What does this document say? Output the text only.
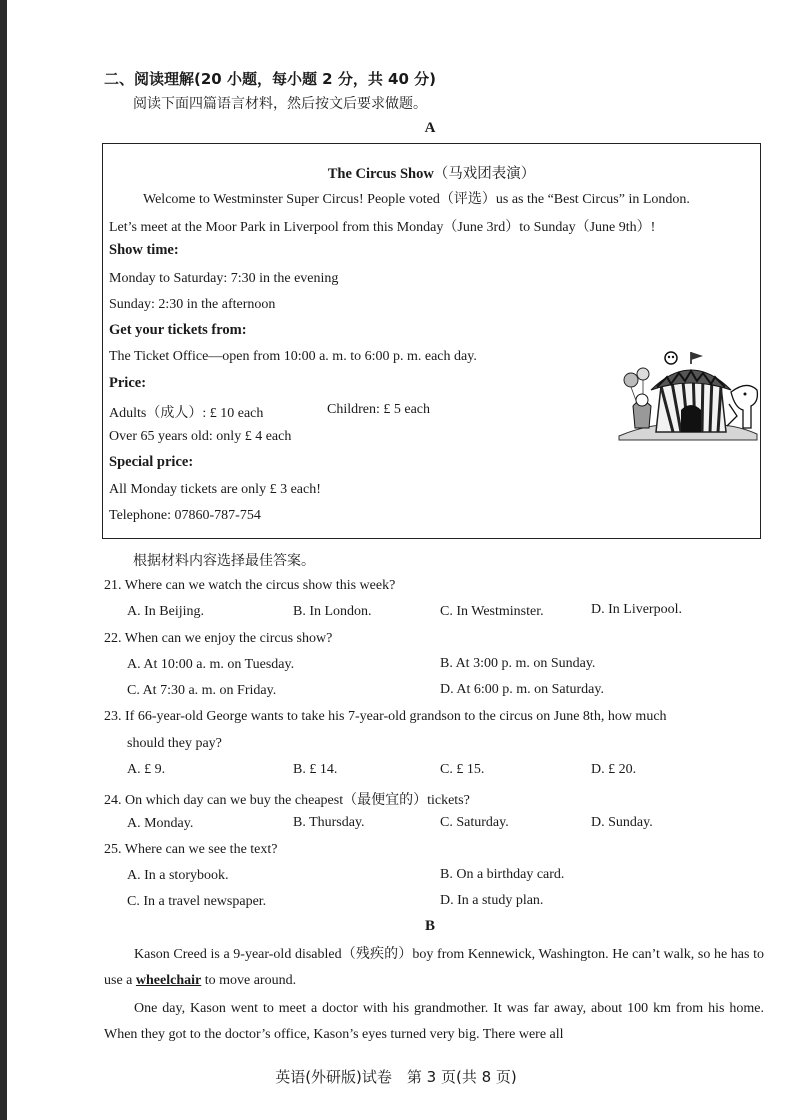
二、阅读理解(20 小题，每小题 2 分，共 40 分)
阅读下面四篇语言材料，然后按文后要求做题。
A
The Circus Show（马戏团表演）
Welcome to Westminster Super Circus! People voted（评选）us as the “Best Circus” in London.
Let’s meet at the Moor Park in Liverpool from this Monday（June 3rd）to Sunday（June 9th）!
Show time:
Monday to Saturday: 7:30 in the evening
Sunday: 2:30 in the afternoon
Get your tickets from:
The Ticket Office—open from 10:00 a. m. to 6:00 p. m. each day.
Price:
Adults（成人）: £ 10 each	Children: £ 5 each
Over 65 years old: only £ 4 each
Special price:
All Monday tickets are only £ 3 each!
Telephone: 07860-787-754
根据材料内容选择最佳答案。
21. Where can we watch the circus show this week?
A. In Beijing.	B. In London.	C. In Westminster.	D. In Liverpool.
22. When can we enjoy the circus show?
A. At 10:00 a. m. on Tuesday.	B. At 3:00 p. m. on Sunday.
C. At 7:30 a. m. on Friday.	D. At 6:00 p. m. on Saturday.
23. If 66-year-old George wants to take his 7-year-old grandson to the circus on June 8th, how much
should they pay?
A. £ 9.	B. £ 14.	C. £ 15.	D. £ 20.
24. On which day can we buy the cheapest（最便宜的）tickets?
A. Monday.	B. Thursday.	C. Saturday.	D. Sunday.
25. Where can we see the text?
A. In a storybook.	B. On a birthday card.
C. In a travel newspaper.	D. In a study plan.
B
Kason Creed is a 9-year-old disabled（残疾的）boy from Kennewick, Washington. He can’t walk, so he has to use a wheelchair to move around.
One day, Kason went to meet a doctor with his grandmother. It was far away, about 100 km from his home. When they got to the doctor’s office, Kason’s eyes turned very big. There were all
英语(外研版)试卷　第 3 页(共 8 页)
